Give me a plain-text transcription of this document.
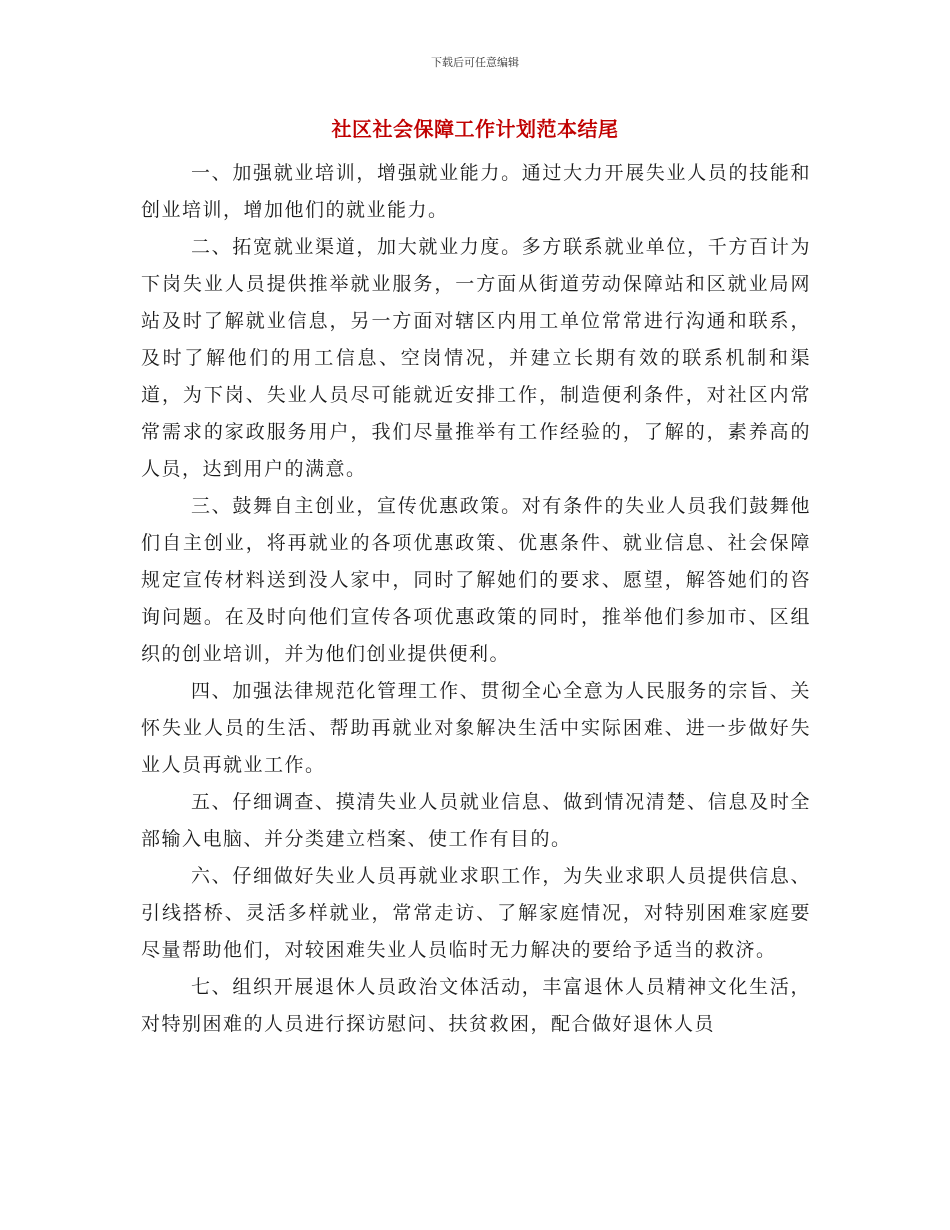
下载后可任意编辑
社区社会保障工作计划范本结尾

一、加强就业培训，增强就业能力。通过大力开展失业人员的技能和创业培训，增加他们的就业能力。

二、拓宽就业渠道，加大就业力度。多方联系就业单位，千方百计为下岗失业人员提供推举就业服务，一方面从街道劳动保障站和区就业局网站及时了解就业信息，另一方面对辖区内用工单位常常进行沟通和联系，及时了解他们的用工信息、空岗情况，并建立长期有效的联系机制和渠道，为下岗、失业人员尽可能就近安排工作，制造便利条件，对社区内常常需求的家政服务用户，我们尽量推举有工作经验的，了解的，素养高的人员，达到用户的满意。

三、鼓舞自主创业，宣传优惠政策。对有条件的失业人员我们鼓舞他们自主创业，将再就业的各项优惠政策、优惠条件、就业信息、社会保障规定宣传材料送到没人家中，同时了解她们的要求、愿望，解答她们的咨询问题。在及时向他们宣传各项优惠政策的同时，推举他们参加市、区组织的创业培训，并为他们创业提供便利。

四、加强法律规范化管理工作、贯彻全心全意为人民服务的宗旨、关怀失业人员的生活、帮助再就业对象解决生活中实际困难、进一步做好失业人员再就业工作。

五、仔细调查、摸清失业人员就业信息、做到情况清楚、信息及时全部输入电脑、并分类建立档案、使工作有目的。

六、仔细做好失业人员再就业求职工作，为失业求职人员提供信息、引线搭桥、灵活多样就业，常常走访、了解家庭情况，对特别困难家庭要尽量帮助他们，对较困难失业人员临时无力解决的要给予适当的救济。

七、组织开展退休人员政治文体活动，丰富退休人员精神文化生活，对特别困难的人员进行探访慰问、扶贫救困，配合做好退休人员
